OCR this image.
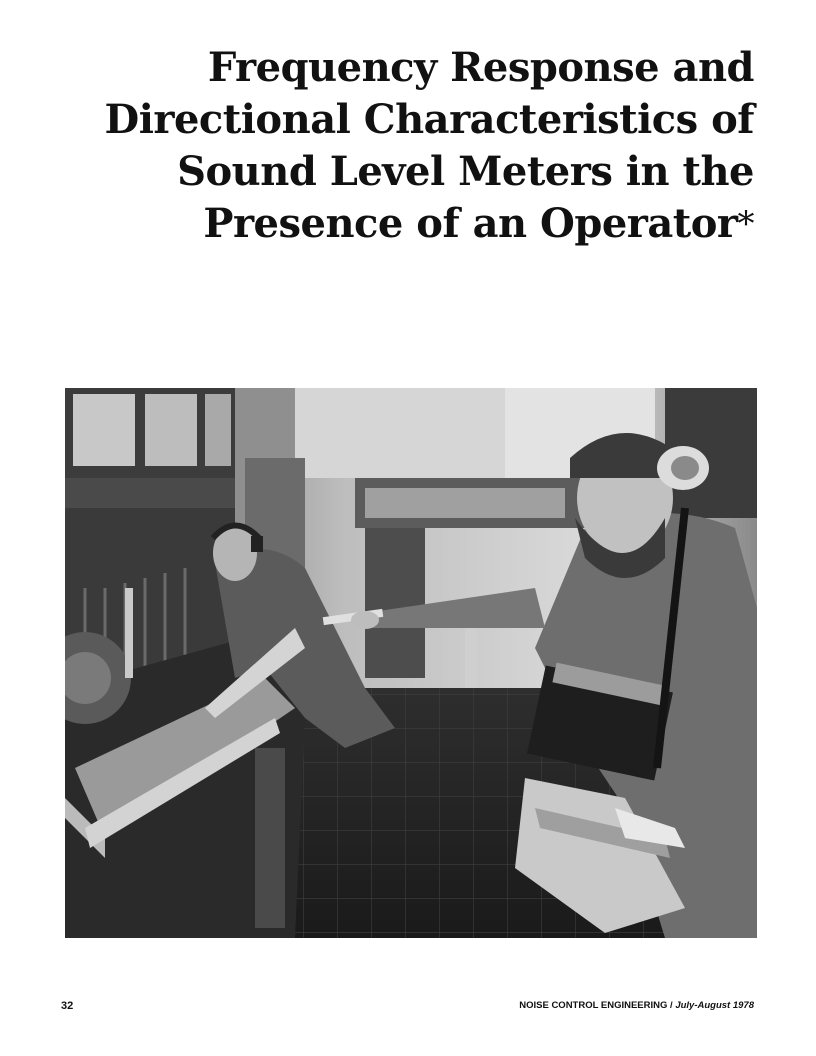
Frequency Response and
Directional Characteristics of
Sound Level Meters in the
Presence of an Operator*
32	NOISE CONTROL ENGINEERING / July-August 1978
